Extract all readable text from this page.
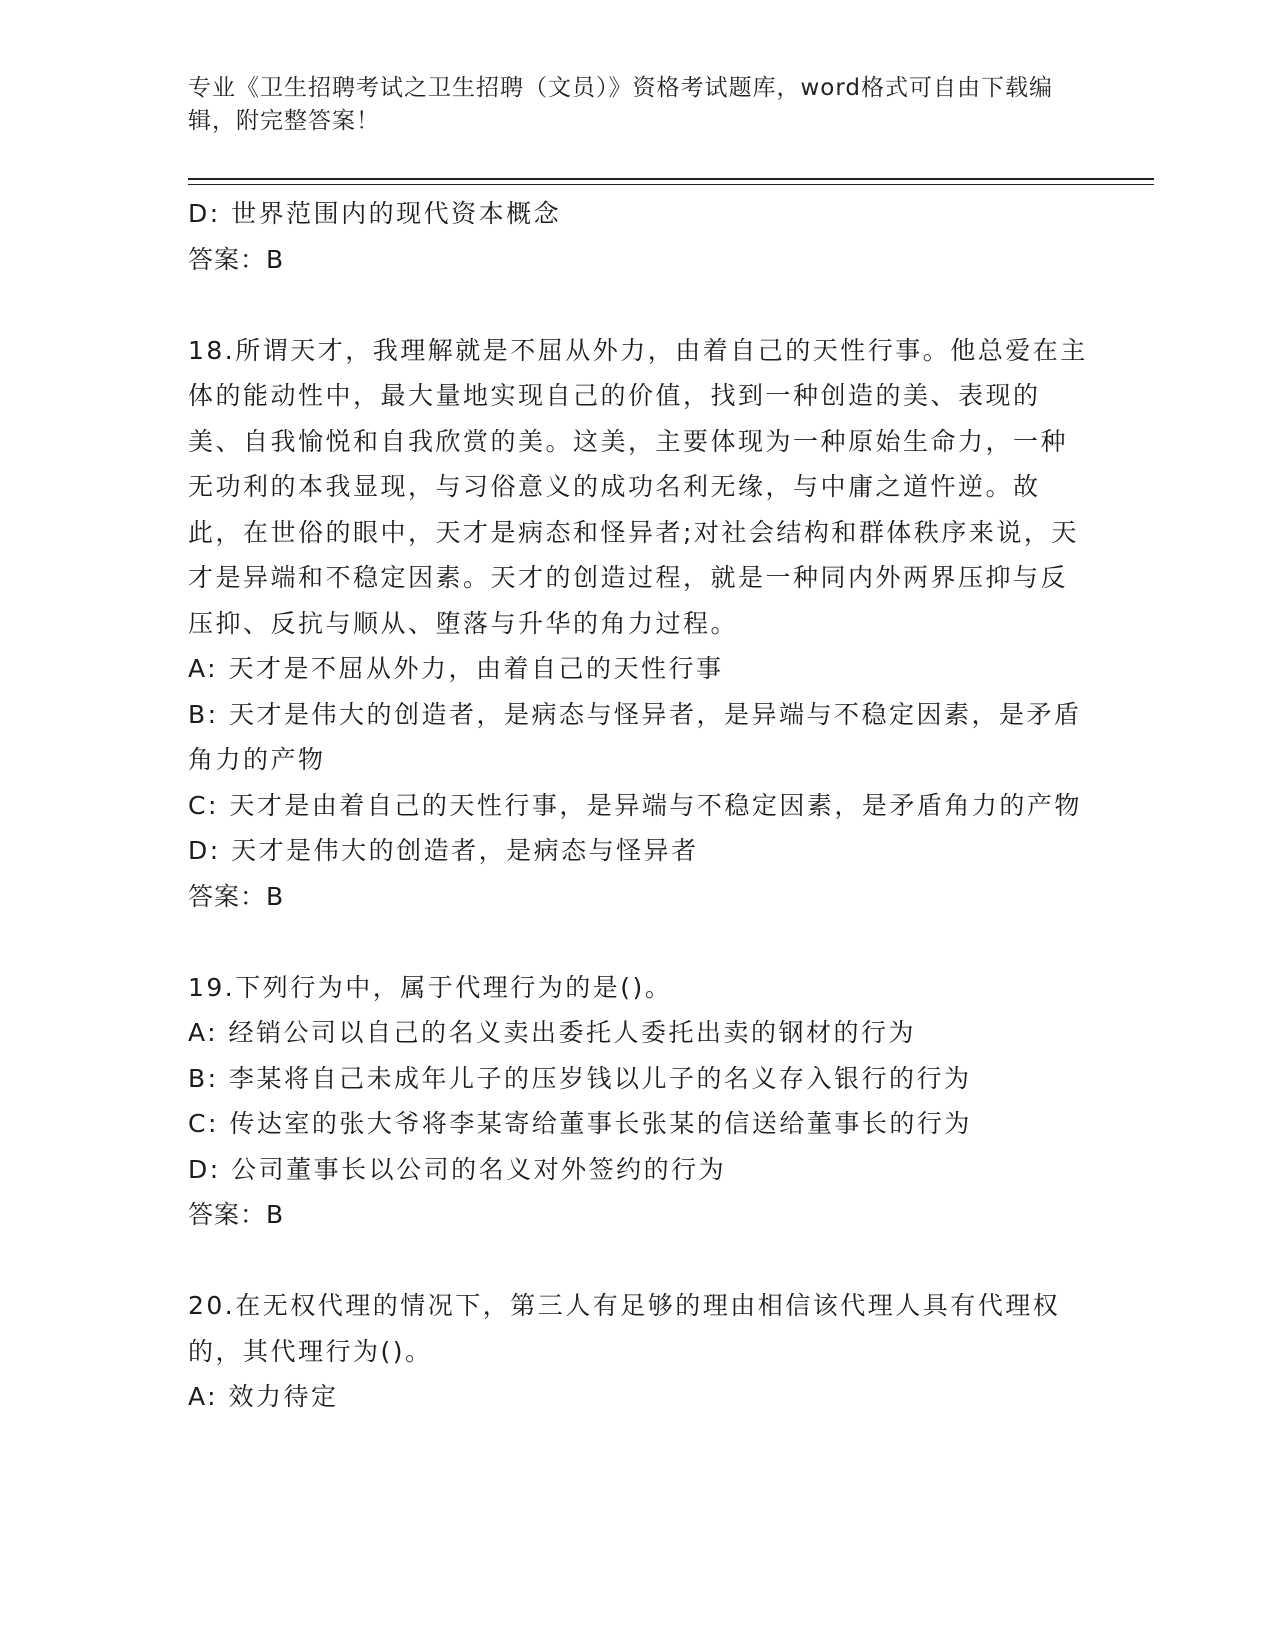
专业《卫生招聘考试之卫生招聘（文员）》资格考试题库，word格式可自由下载编辑，附完整答案！
D: 世界范围内的现代资本概念
答案：B
18.所谓天才，我理解就是不屈从外力，由着自己的天性行事。他总爱在主体的能动性中，最大量地实现自己的价值，找到一种创造的美、表现的美、自我愉悦和自我欣赏的美。这美，主要体现为一种原始生命力，一种无功利的本我显现，与习俗意义的成功名利无缘，与中庸之道忤逆。故此，在世俗的眼中，天才是病态和怪异者;对社会结构和群体秩序来说，天才是异端和不稳定因素。天才的创造过程，就是一种同内外两界压抑与反压抑、反抗与顺从、堕落与升华的角力过程。
A: 天才是不屈从外力，由着自己的天性行事
B: 天才是伟大的创造者，是病态与怪异者，是异端与不稳定因素，是矛盾角力的产物
C: 天才是由着自己的天性行事，是异端与不稳定因素，是矛盾角力的产物
D: 天才是伟大的创造者，是病态与怪异者
答案：B
19.下列行为中，属于代理行为的是()。
A: 经销公司以自己的名义卖出委托人委托出卖的钢材的行为
B: 李某将自己未成年儿子的压岁钱以儿子的名义存入银行的行为
C: 传达室的张大爷将李某寄给董事长张某的信送给董事长的行为
D: 公司董事长以公司的名义对外签约的行为
答案：B
20.在无权代理的情况下，第三人有足够的理由相信该代理人具有代理权的，其代理行为()。
A: 效力待定
